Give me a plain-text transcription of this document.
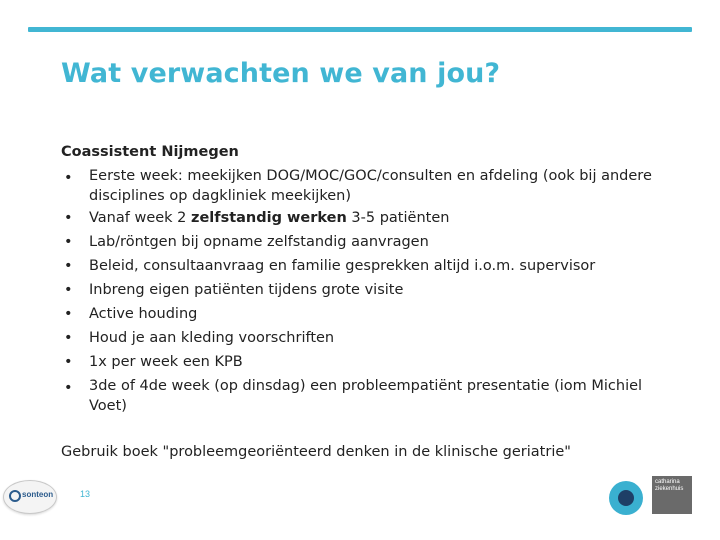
Wat verwachten we van jou?
Coassistent Nijmegen
• Eerste week: meekijken DOG/MOC/GOC/consulten en afdeling (ook bij andere disciplines op dagkliniek meekijken)
• Vanaf week 2 zelfstandig werken 3-5 patiënten
• Lab/röntgen bij opname zelfstandig aanvragen
• Beleid, consultaanvraag en familie gesprekken altijd i.o.m. supervisor
• Inbreng eigen patiënten tijdens grote visite
• Active houding
• Houd je aan kleding voorschriften
• 1x per week een KPB
• 3de of 4de week (op dinsdag) een probleempatiënt presentatie (iom Michiel Voet)
Gebruik boek "probleemgeoriënteerd denken in de klinische geriatrie"
sonteon	13
catharina
ziekenhuis
